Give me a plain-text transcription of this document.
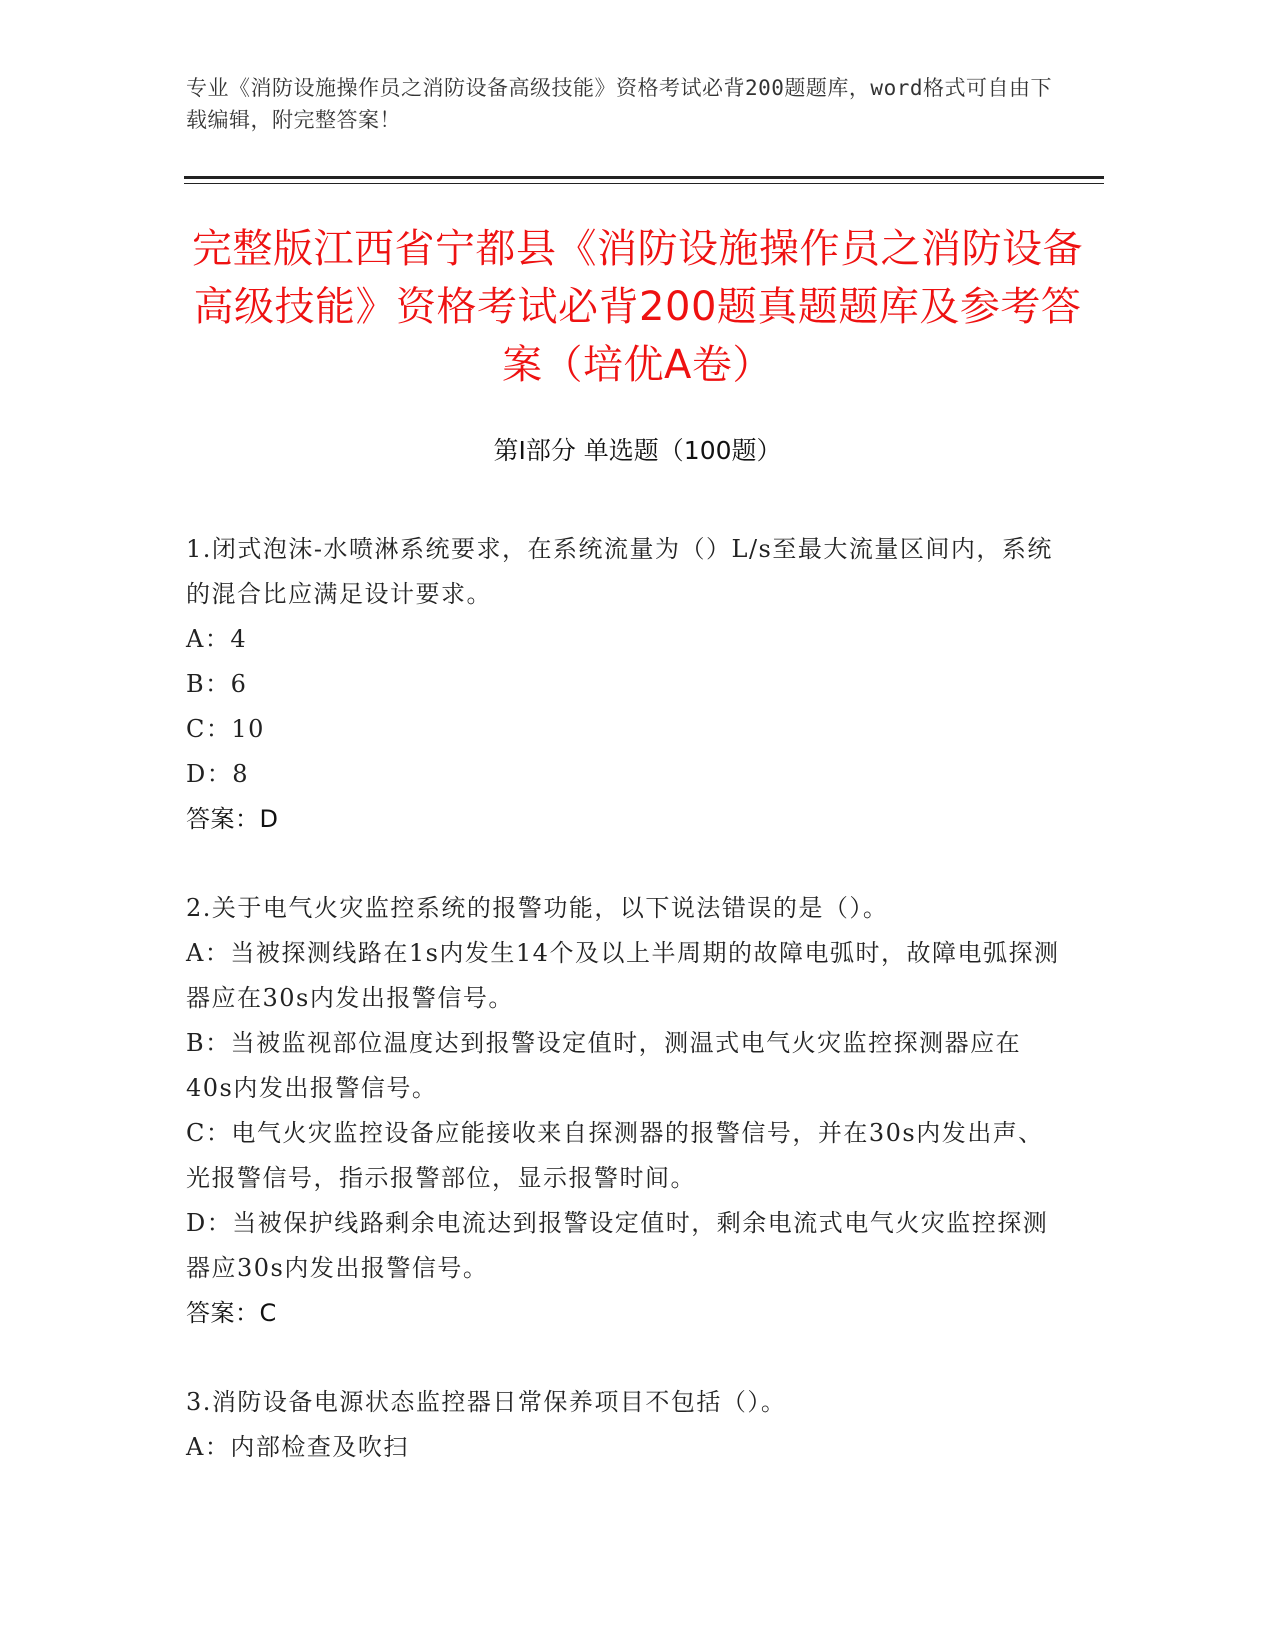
专业《消防设施操作员之消防设备高级技能》资格考试必背200题题库，word格式可自由下载编辑，附完整答案！
完整版江西省宁都县《消防设施操作员之消防设备高级技能》资格考试必背200题真题题库及参考答案（培优A卷）
第I部分 单选题（100题）

1.闭式泡沫-水喷淋系统要求，在系统流量为（）L/s至最大流量区间内，系统的混合比应满足设计要求。

A：4

B：6

C：10

D：8

答案：D

2.关于电气火灾监控系统的报警功能，以下说法错误的是（）。

A：当被探测线路在1s内发生14个及以上半周期的故障电弧时，故障电弧探测器应在30s内发出报警信号。

B：当被监视部位温度达到报警设定值时，测温式电气火灾监控探测器应在40s内发出报警信号。

C：电气火灾监控设备应能接收来自探测器的报警信号，并在30s内发出声、光报警信号，指示报警部位，显示报警时间。

D：当被保护线路剩余电流达到报警设定值时，剩余电流式电气火灾监控探测器应30s内发出报警信号。

答案：C

3.消防设备电源状态监控器日常保养项目不包括（）。

A：内部检查及吹扫
